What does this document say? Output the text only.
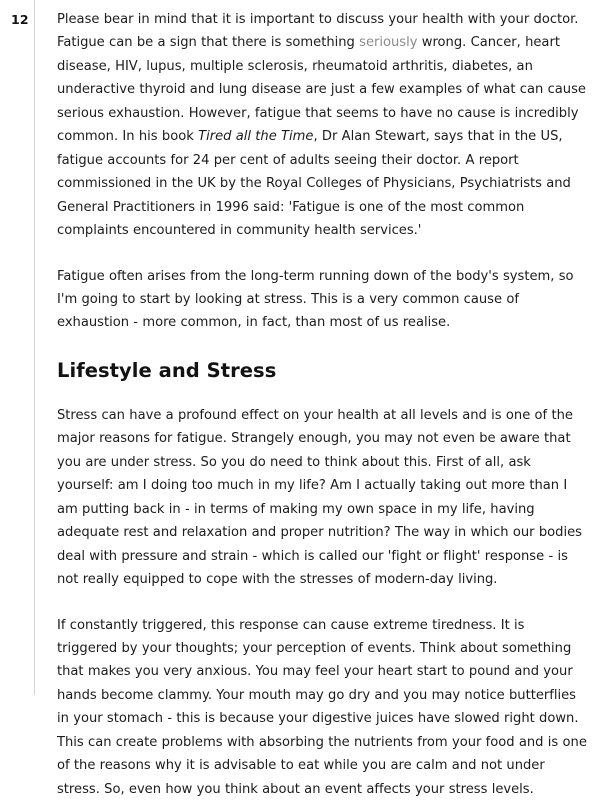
12 Please bear in mind that it is important to discuss your health with your doctor. Fatigue can be a sign that there is something seriously wrong. Cancer, heart disease, HIV, lupus, multiple sclerosis, rheumatoid arthritis, diabetes, an underactive thyroid and lung disease are just a few examples of what can cause serious exhaustion. However, fatigue that seems to have no cause is incredibly common. In his book Tired all the Time, Dr Alan Stewart, says that in the US, fatigue accounts for 24 per cent of adults seeing their doctor. A report commissioned in the UK by the Royal Colleges of Physicians, Psychiatrists and General Practitioners in 1996 said: 'Fatigue is one of the most common complaints encountered in community health services.'

Fatigue often arises from the long-term running down of the body's system, so I'm going to start by looking at stress. This is a very common cause of exhaustion - more common, in fact, than most of us realise.

Lifestyle and Stress

Stress can have a profound effect on your health at all levels and is one of the major reasons for fatigue. Strangely enough, you may not even be aware that you are under stress. So you do need to think about this. First of all, ask yourself: am I doing too much in my life? Am I actually taking out more than I am putting back in - in terms of making my own space in my life, having adequate rest and relaxation and proper nutrition? The way in which our bodies deal with pressure and strain - which is called our 'fight or flight' response - is not really equipped to cope with the stresses of modern-day living.

If constantly triggered, this response can cause extreme tiredness. It is triggered by your thoughts; your perception of events. Think about something that makes you very anxious. You may feel your heart start to pound and your hands become clammy. Your mouth may go dry and you may notice butterflies in your stomach - this is because your digestive juices have slowed right down. This can create problems with absorbing the nutrients from your food and is one of the reasons why it is advisable to eat while you are calm and not under stress. So, even how you think about an event affects your stress levels.
